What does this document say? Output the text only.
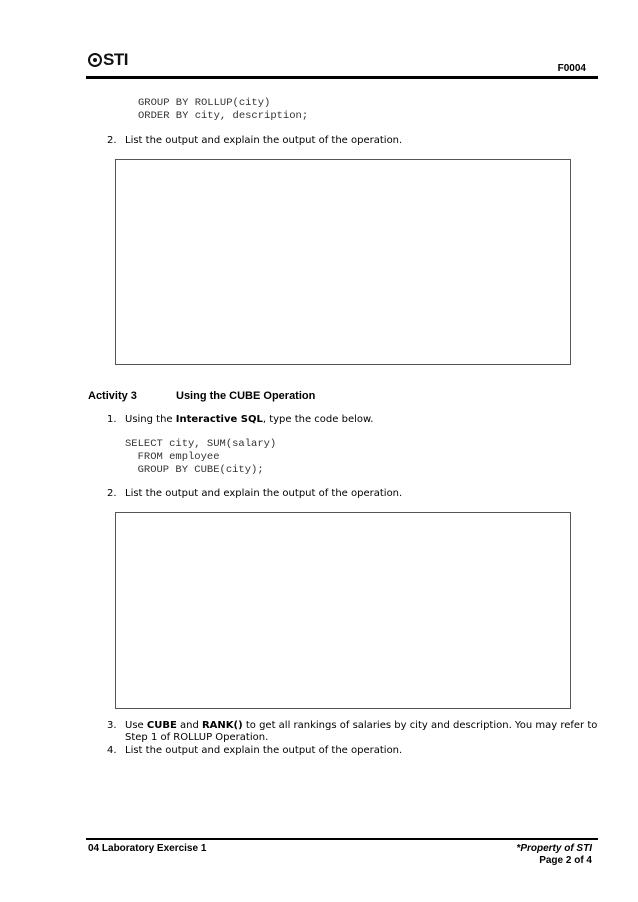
STI	F0004
GROUP BY ROLLUP(city)
ORDER BY city, description;
2. List the output and explain the output of the operation.
Activity 3	Using the CUBE Operation
1. Using the Interactive SQL, type the code below.
SELECT city, SUM(salary)
FROM employee
GROUP BY CUBE(city);
2. List the output and explain the output of the operation.
3. Use CUBE and RANK() to get all rankings of salaries by city and description. You may refer to
Step 1 of ROLLUP Operation.
4. List the output and explain the output of the operation.
04 Laboratory Exercise 1	*Property of STI
Page 2 of 4
